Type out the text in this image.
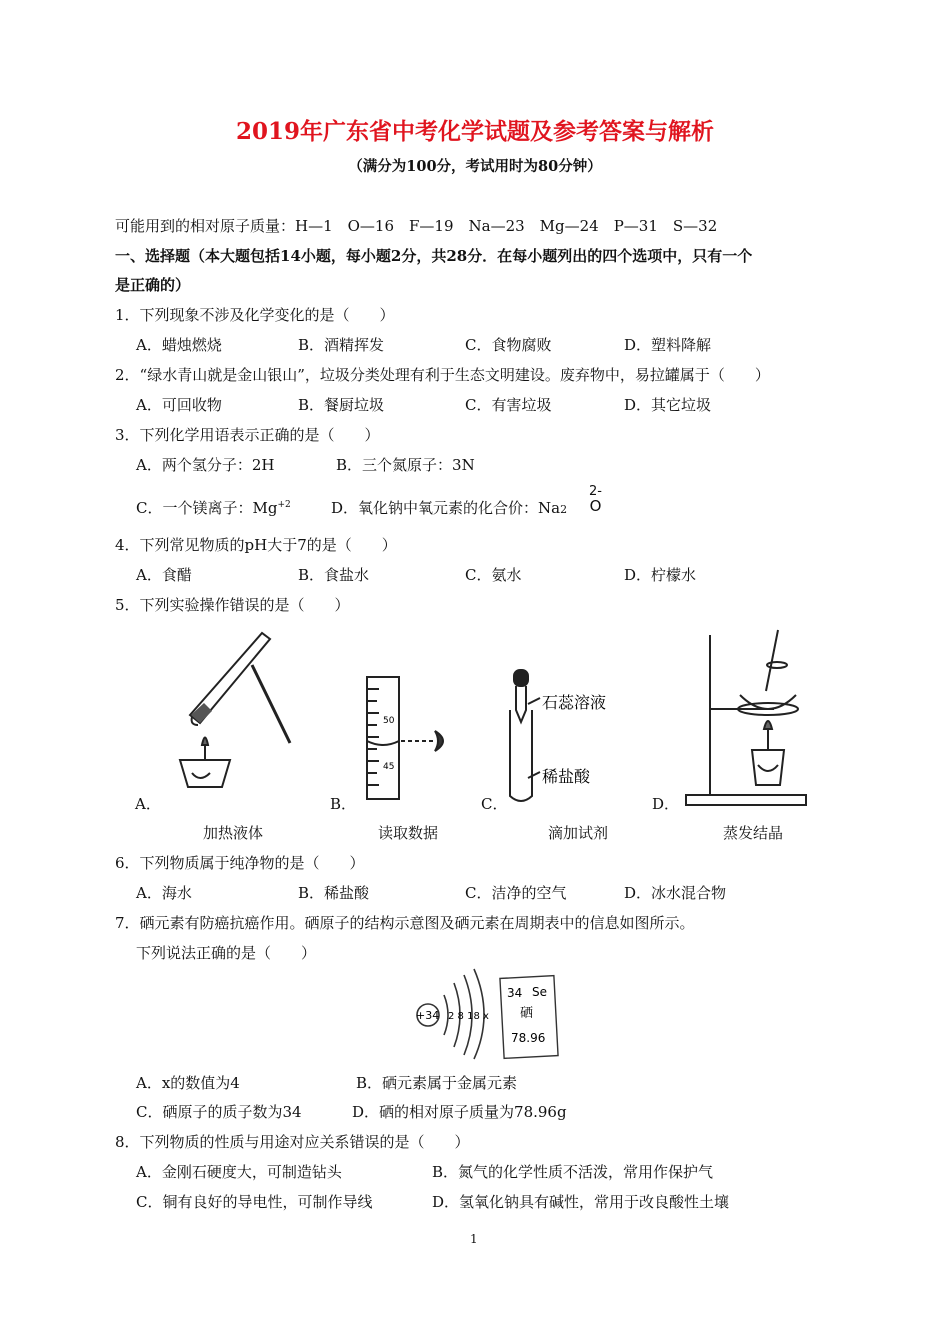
2019年广东省中考化学试题及参考答案与解析
（满分为100分，考试用时为80分钟）
可能用到的相对原子质量：H—1　O—16　F—19　Na—23　Mg—24　P—31　S—32
一、选择题（本大题包括14小题，每小题2分，共28分．在每小题列出的四个选项中，只有一个
是正确的）
1．下列现象不涉及化学变化的是（　　）
A．蜡烛燃烧	B．酒精挥发	C．食物腐败	D．塑料降解
2．“绿水青山就是金山银山”，垃圾分类处理有利于生态文明建设。废弃物中，易拉罐属于（　　）
A．可回收物	B．餐厨垃圾	C．有害垃圾	D．其它垃圾
3．下列化学用语表示正确的是（　　）
A．两个氢分子：2H	B．三个氮原子：3N
C．一个镁离子：$Mg^{+2}$	D．氧化钠中氧元素的化合价：Na2
2-
O
4．下列常见物质的pH大于7的是（　　）
A．食醋	B．食盐水	C．氨水	D．柠檬水
5．下列实验操作错误的是（　　）
A．
50
45
B．
石蕊溶液
稀盐酸
C．	D．
加热液体	读取数据	滴加试剂	蒸发结晶
6．下列物质属于纯净物的是（　　）
A．海水	B．稀盐酸	C．洁净的空气	D．冰水混合物
7．硒元素有防癌抗癌作用。硒原子的结构示意图及硒元素在周期表中的信息如图所示。
下列说法正确的是（　　）
+34 2 8 18 x
34 Se
硒
78.96
A．x的数值为4	B．硒元素属于金属元素
C．硒原子的质子数为34	D．硒的相对原子质量为78.96g
8．下列物质的性质与用途对应关系错误的是（　　）
A．金刚石硬度大，可制造钻头	B．氮气的化学性质不活泼，常用作保护气
C．铜有良好的导电性，可制作导线	D．氢氧化钠具有碱性，常用于改良酸性土壤
1
